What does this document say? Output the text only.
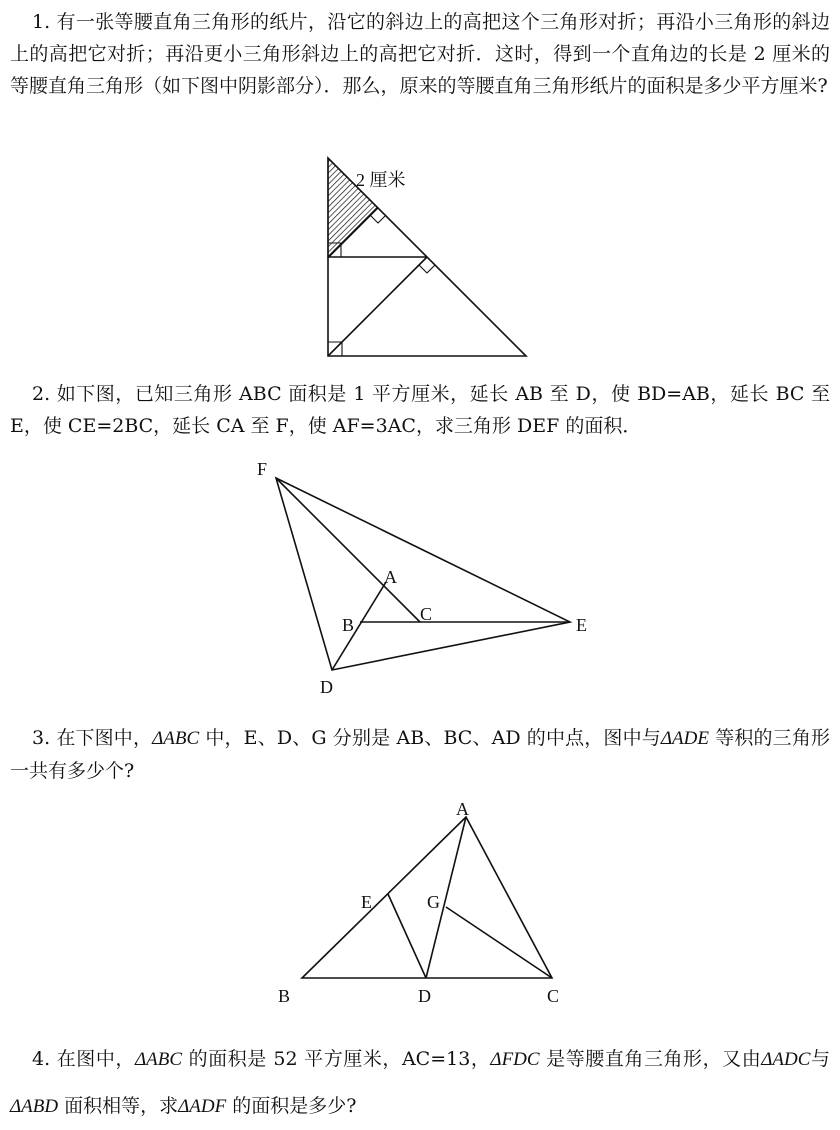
1. 有一张等腰直角三角形的纸片，沿它的斜边上的高把这个三角形对折；再沿小三角形的斜边上的高把它对折；再沿更小三角形斜边上的高把它对折．这时，得到一个直角边的长是 2 厘米的等腰直角三角形（如下图中阴影部分）．那么，原来的等腰直角三角形纸片的面积是多少平方厘米?

2 厘米

2. 如下图，已知三角形 ABC 面积是 1 平方厘米，延长 AB 至 D，使 BD=AB，延长 BC 至 E，使 CE=2BC，延长 CA 至 F，使 AF=3AC，求三角形 DEF 的面积．

F
A
B
C
E
D

3. 在下图中，ΔABC 中，E、D、G 分别是 AB、BC、AD 的中点，图中与ΔADE 等积的三角形一共有多少个?

A
E	G
B	D	C

4. 在图中，ΔABC 的面积是 52 平方厘米，AC=13，ΔFDC 是等腰直角三角形，又由ΔADC与ΔABD 面积相等，求ΔADF 的面积是多少?
